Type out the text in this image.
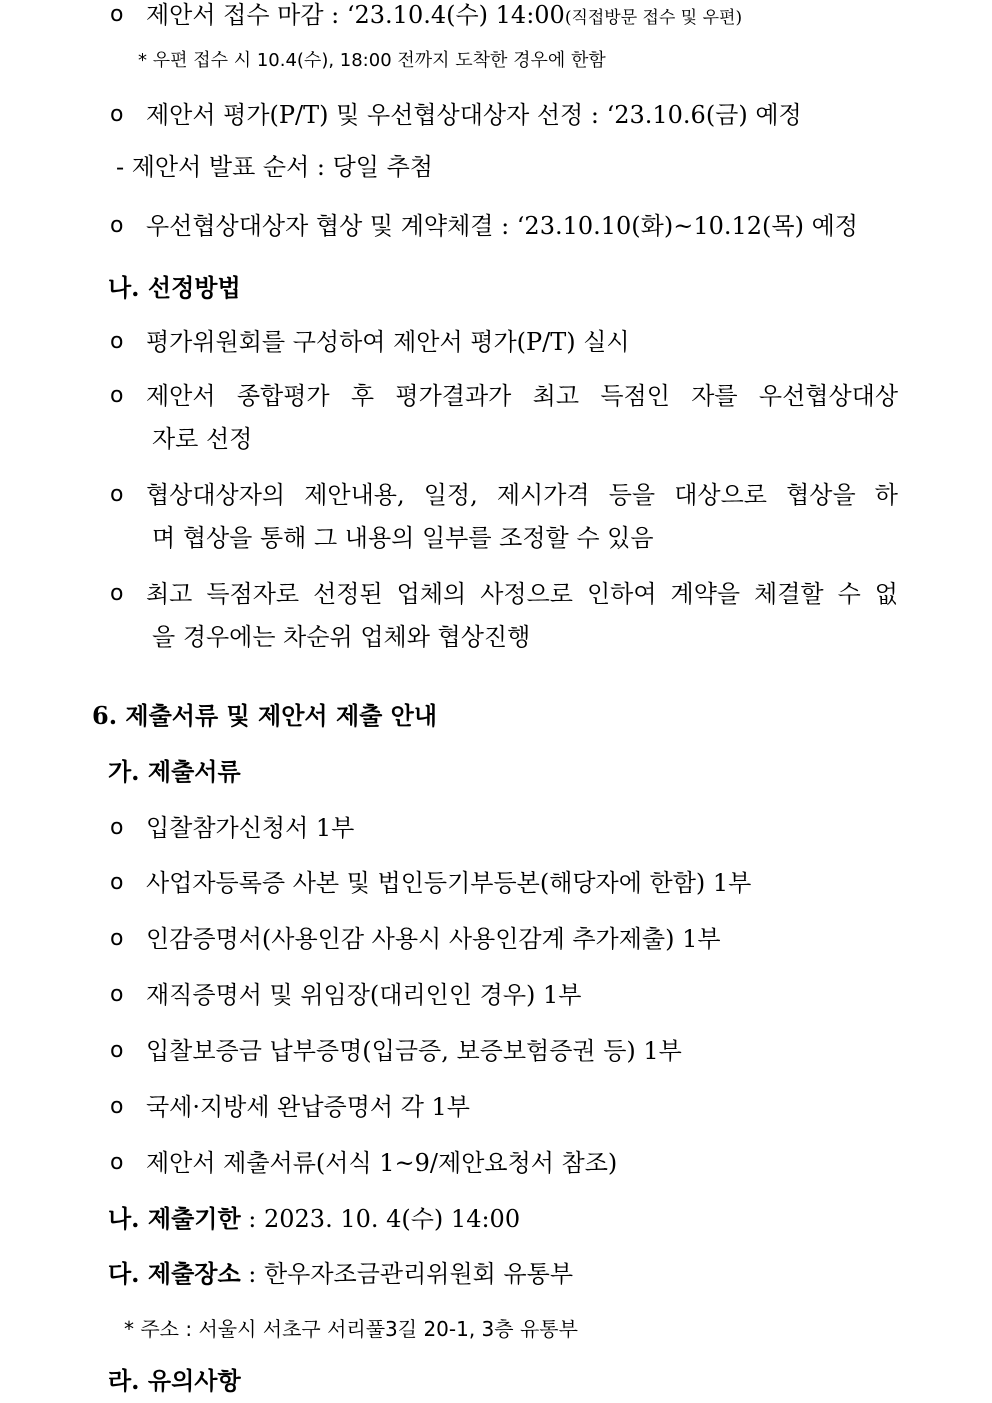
o 제안서 접수 마감 : ‘23.10.4(수) 14:00(직접방문 접수 및 우편)
* 우편 접수 시 10.4(수), 18:00 전까지 도착한 경우에 한함
o 제안서 평가(P/T) 및 우선협상대상자 선정 : ‘23.10.6(금) 예정
- 제안서 발표 순서 : 당일 추첨
o 우선협상대상자 협상 및 계약체결 : ‘23.10.10(화)~10.12(목) 예정
나. 선정방법
o 평가위원회를 구성하여 제안서 평가(P/T) 실시
o 제안서 종합평가 후 평가결과가 최고 득점인 자를 우선협상대상
자로 선정
o 협상대상자의 제안내용, 일정, 제시가격 등을 대상으로 협상을 하
며 협상을 통해 그 내용의 일부를 조정할 수 있음
o 최고 득점자로 선정된 업체의 사정으로 인하여 계약을 체결할 수 없
을 경우에는 차순위 업체와 협상진행
6. 제출서류 및 제안서 제출 안내
가. 제출서류
o 입찰참가신청서 1부
o 사업자등록증 사본 및 법인등기부등본(해당자에 한함) 1부
o 인감증명서(사용인감 사용시 사용인감계 추가제출) 1부
o 재직증명서 및 위임장(대리인인 경우) 1부
o 입찰보증금 납부증명(입금증, 보증보험증권 등) 1부
o 국세·지방세 완납증명서 각 1부
o 제안서 제출서류(서식 1~9/제안요청서 참조)
나. 제출기한 : 2023. 10. 4(수) 14:00
다. 제출장소 : 한우자조금관리위원회 유통부
* 주소 : 서울시 서초구 서리풀3길 20-1, 3층 유통부
라. 유의사항
